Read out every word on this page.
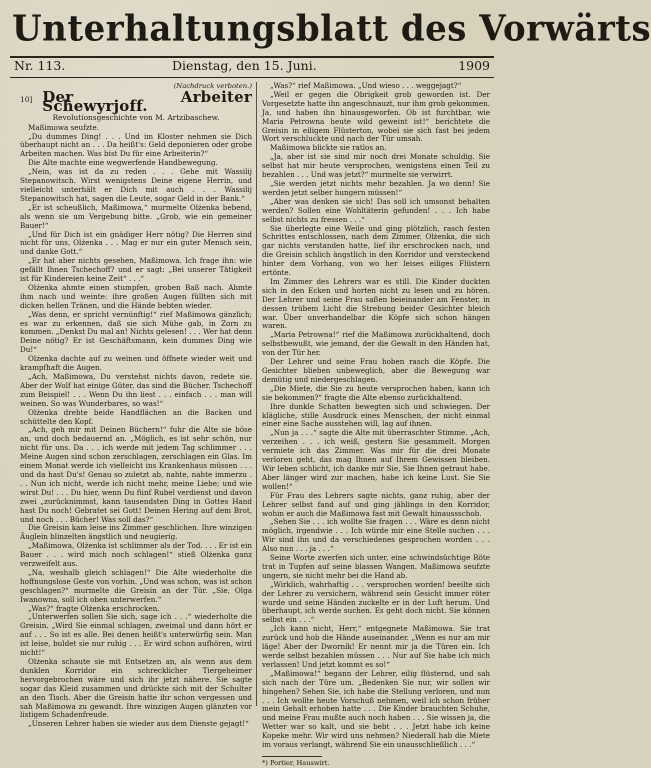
Unterhaltungsblatt des Vorwärts
Nr. 113.	Dienstag, den 15. Juni.	1909
(Nachdruck verboten.)
10] Der Arbeiter Schewyrjoff.
Revolutionsgeschichte von M. Artzibaschew.

Maßimowa seufzte.

„Du dummes Ding! . . . Und im Kloster nehmen sie Dich überhaupt nicht an . . . Da heißt's: Geld deponieren oder grobe Arbeiten machen. Was bist Du für eine Arbeiterin?“

Die Alte machte eine wegwerfende Handbewegung.

„Nein, was ist da zu reden . . . Gehe mit Wassilij Stepanowitsch. Wirst wenigstens Deine eigene Herrin, und vielleicht unterhält er Dich mit auch . . . Wassilij Stepanowitsch hat, sagen die Leute, sogar Geld in der Bank.“

„Er ist scheußlich, Maßimowa,“ murmelte Olżenka bebend, als wenn sie um Vergebung bitte. „Grob, wie ein gemeiner Bauer!“

„Und für Dich ist ein gnädiger Herr nötig? Die Herren sind nicht für uns, Olżenka . . . Mag er nur ein guter Mensch sein, und danke Gott.“

„Er hat aber nichts gesehen, Maßimowa. Ich frage ihn: wie gefällt Ihnen Tschechoff? und er sagt: „Bei unserer Tätigkeit ist für Kindereien keine Zeit“ . . .“

Olżenka ahmte einen stumpfen, groben Baß nach. Ahmte ihm nach und weinte: ihre großen Augen füllten sich mit dicken hellen Tränen, und die Hände bebten wieder.

„Was denn, er spricht vernünftig!“ rief Maßimowa gänzlich; es war zu erkennen, daß sie sich Mühe gab, in Zorn zu kommen. „Denkst Du mal an! Nichts gelesen! . . . Wer hat denn Deine nötig? Er ist Geschäftsmann, kein dummes Ding wie Du!“

Olżenka dachte auf zu weinen und öffnete wieder weit und krampfhaft die Augen.

„Ach, Maßimowa, Du verstehst nichts davon, redete sie. Aber der Wolf hat einige Güter, das sind die Bücher. Tschechoff zum Beispiel! . . . Wenn Du ihn liest . . . einfach . . . man will weinen. So was Wunderbares, so was!“

Olżenka drehte beide Handflächen an die Backen und schüttelte den Kopf.

„Ach, geh mir mit Deinen Büchern!“ fuhr die Alte sie böse an, und doch bedauernd an. „Möglich, es ist sehr schön, nur nicht für uns. Da . . . ich werde mit jedem Tag schlimmer . . . Meine Augen sind schon zerschlagen, zerschlagen ein Glas. Im einem Monat werde ich vielleicht ins Krankenhaus müssen . . . und da hast Du's! Genau so zuletzt ab, nahte, nahte immerzu . . . Nun ich nicht, werde ich nicht mehr, meine Liebe; und wie wirst Du! . . . Du hier, wenn Du fünf Rubel verdienst und davon zwei „zurücknimmst, kann tausendsten Ding in Gottes Hand hast Du noch! Gebratet sei Gott! Deinen Hering auf dem Brot, und noch . . . Bücher! Was soll das?“

Die Greisin kam leise ins Zimmer geschlichen. Ihre winzigen Äuglein blinzelten ängstlich und neugierig.

„Maßimowa, Olżenka ist schlimmer als der Tod. . . . Er ist ein Bauer . . . wird mich noch schlagen!“ stieß Olżenka ganz verzweifelt aus.

„Na, weshalb gleich schlagen!“ Die Alte wiederholte die hoffnungslose Geste von vorhin. „Und was schon, was ist schon geschlagen?“ murmelte die Greisin an der Tür. „Sie, Olga Iwanowna, soll ich oben unterwerfen.“

„Was?“ fragte Olżenka erschrocken.

„Unterwerfen sollen Sie sich, sage ich . . .“ wiederholte die Greisin. „Wird Sie einmal schlagen, zweimal und dann hört er auf . . . So ist es alle. Bei denen heißt's unterwürfig sein. Man ist leise, buldet sie nur ruhig . . . Er wird schon aufhören, wird nicht!“

Olżenka schaute sie mit Entsetzen an, als wenn aus dem dunklen Korridor ein schrecklicher Tiergeheimer hervorgebrochen wäre und sich ihr jetzt nähere. Sie sagte sogar das Kleid zusammen und drückte sich mit der Schulter an den Tisch. Aber die Greisin hatte ihr schon vergessen und sah Maßimowa zu gewandt. Ihre winzigen Augen glänzten vor listigem Schadenfreude.

„Unseren Lehrer haben sie wieder aus dem Dienste gejagt!“

„Was?“ rief Maßimowa. „Und wieso . . . weggejagt?“

„Weil er gegen die Obrigkeit grob geworden ist. Der Vorgesetzte hatte ihn angeschnauzt, nur ihm grob gekommen. Ja, und haben ihn hinausgeworfen. Ob ist furchtbar, wie Maria Petrowna heute wild geweint ist!“ berichtete die Greisin in eiligem Flüsterton, wobei sie sich fast bei jedem Wort verschluckte und nach der Tür umsah.

Maßimowa blickte sie ratlos an.

„Ja, aber ist sie sind mir noch drei Monate schuldig. Sie selbst hat mir heute versprochen, wenigstens einen Teil zu bezahlen . . . Und was jetzt?“ murmelte sie verwirrt.

„Sie werden jetzt nichts mehr bezahlen. Ja wo denn! Sie werden jetzt selber hungern müssen!“

„Aber was denken sie sich! Das soll ich umsonst behalten werden? Sollen eine Wohltäterin gefunden! . . . Ich habe selbst nichts zu fressen . . .“

Sie überlegte eine Weile und ging plötzlich, rasch festen Schrittes entschlossen, nach dem Zimmer. Olżenka, die sich gar nichts verstanden hatte, lief ihr erschrocken nach, und die Greisin schlich ängstlich in den Korridor und versteckend hinter dem Vorhang, von wo her leises eiliges Flüstern ertönte.

Im Zimmer des Lehrers war es still. Die Kinder duckten sich in den Ecken und horten nicht zu lesen und zu hören. Der Lehrer und seine Frau saßen beieinander am Fenster, in dessen trübem Licht die Strebung beider Gesichter bleich war. Über unverhandelbar die Köpfe sich schon hängen waren.

„Maria Petrowna!“ rief die Maßimowa zurückhaltend, doch selbstbewußt, wie jemand, der die Gewalt in den Händen hat, von der Tür her.

Der Lehrer und seine Frau hoben rasch die Köpfe. Die Gesichter blieben unbeweglich, aber die Bewegung war demütig und niedergeschlagen.

„Die Miete, die Sie zu heute versprochen haben, kann ich sie bekommen?“ fragte die Alte ebenso zurückhaltend.

Ihre dunkle Schatten bewegten sich und schwiegen. Der klägliche, stille Ausdruck eines Menschen, der nicht einmal einer eine Sache ausstehen will, lag auf ihnen.

„Nun ja . . .“ sagte die Alte mit überraschter Stimme. „Ach, verzeihen . . . ich weiß, gestern Sie gesammelt. Morgen vermiete ich das Zimmer. Was mir für die drei Monate verloren geht, das mag Ihnen auf Ihrem Gewissen bleiben. Wir leben schlicht, ich danke mir Sie, Sie Ihnen getraut habe. Aber länger wird zur machen, habe ich keine Lust. Sie Sie wollen!“

Für Frau des Lehrers sagte nichts, ganz ruhig, aber der Lehrer selbst fand auf und ging jählings in den Korridor, wohin er auch die Maßimowa fast mit Gewalt hinaussschob.

„Sehen Sie . . . ich wollte Sie fragen . . . Wäre es denn nicht möglich, irgendwie . . . Ich würde mir eine Stelle suchen . . . Wir sind ihn und da verschiedenes gesprochen worden . . . Also nun . . . ja . . .“

Seine Worte zwerfen sich unter, eine schwindsüchtige Röte trat in Tupfen auf seine blassen Wangen. Maßimowa seufzte ungern, sie nicht mehr bei die Hand ab.

„Wirklich, wahrhaftig . . . versprochen worden! beeilte sich der Lehrer zu versichern, während sein Gesicht immer röter wurde und seine Händen zuckelte er in der Luft herum. Und überhaupt, ich werde suchen. Es geht doch nicht. Sie können selbst ein . . .“

„Ich kann nicht, Herr,“ entgegnete Maßimowa. Sie trat zurück und hob die Hände auseinander. „Wenn es nur am mir läge! Aber der Dworník! Er nennt mir ja die Türen ein. Ich werde selbst bezahlen müssen . . . Nur auf Sie habe ich mich verlassen! Und jetzt kommt es so!“

„Maßimowa!“ begann der Lehrer, eilig flüsternd, und sah sich nach der Türe um. „Bedenken Sie nur, wir sollen wir hingehen? Sehen Sie, ich habe die Stellung verloren, und nun . . . Ich wollte heute Vorschuß nehmen, weil ich schon früher mein Gehalt erhoben hatte . . . Die Kinder brauchten Schuhe, und meine Frau mußte auch noch haben . . . Sie wissen ja, die Wetter war so kalt, und sie bebt . . . Jetzt habe ich keine Kopeke mehr. Wir wird uns nehmen? Niederall hab die Miete im voraus verlangt, während Sie ein unausschließlich . . .“

*) Portier, Hauswirt.
